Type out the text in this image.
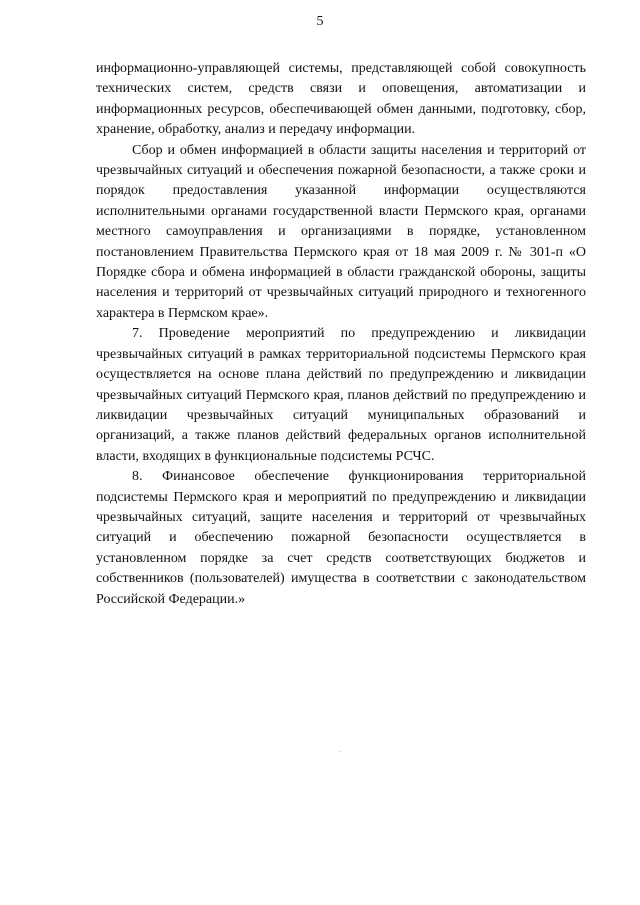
5

информационно-управляющей системы, представляющей собой совокупность технических систем, средств связи и оповещения, автоматизации и информационных ресурсов, обеспечивающей обмен данными, подготовку, сбор, хранение, обработку, анализ и передачу информации.

Сбор и обмен информацией в области защиты населения и территорий от чрезвычайных ситуаций и обеспечения пожарной безопасности, а также сроки и порядок предоставления указанной информации осуществляются исполнительными органами государственной власти Пермского края, органами местного самоуправления и организациями в порядке, установленном постановлением Правительства Пермского края от 18 мая 2009 г. № 301-п «О Порядке сбора и обмена информацией в области гражданской обороны, защиты населения и территорий от чрезвычайных ситуаций природного и техногенного характера в Пермском крае».

7. Проведение мероприятий по предупреждению и ликвидации чрезвычайных ситуаций в рамках территориальной подсистемы Пермского края осуществляется на основе плана действий по предупреждению и ликвидации чрезвычайных ситуаций Пермского края, планов действий по предупреждению и ликвидации чрезвычайных ситуаций муниципальных образований и организаций, а также планов действий федеральных органов исполнительной власти, входящих в функциональные подсистемы РСЧС.

8. Финансовое обеспечение функционирования территориальной подсистемы Пермского края и мероприятий по предупреждению и ликвидации чрезвычайных ситуаций, защите населения и территорий от чрезвычайных ситуаций и обеспечению пожарной безопасности осуществляется в установленном порядке за счет средств соответствующих бюджетов и собственников (пользователей) имущества в соответствии с законодательством Российской Федерации.»
